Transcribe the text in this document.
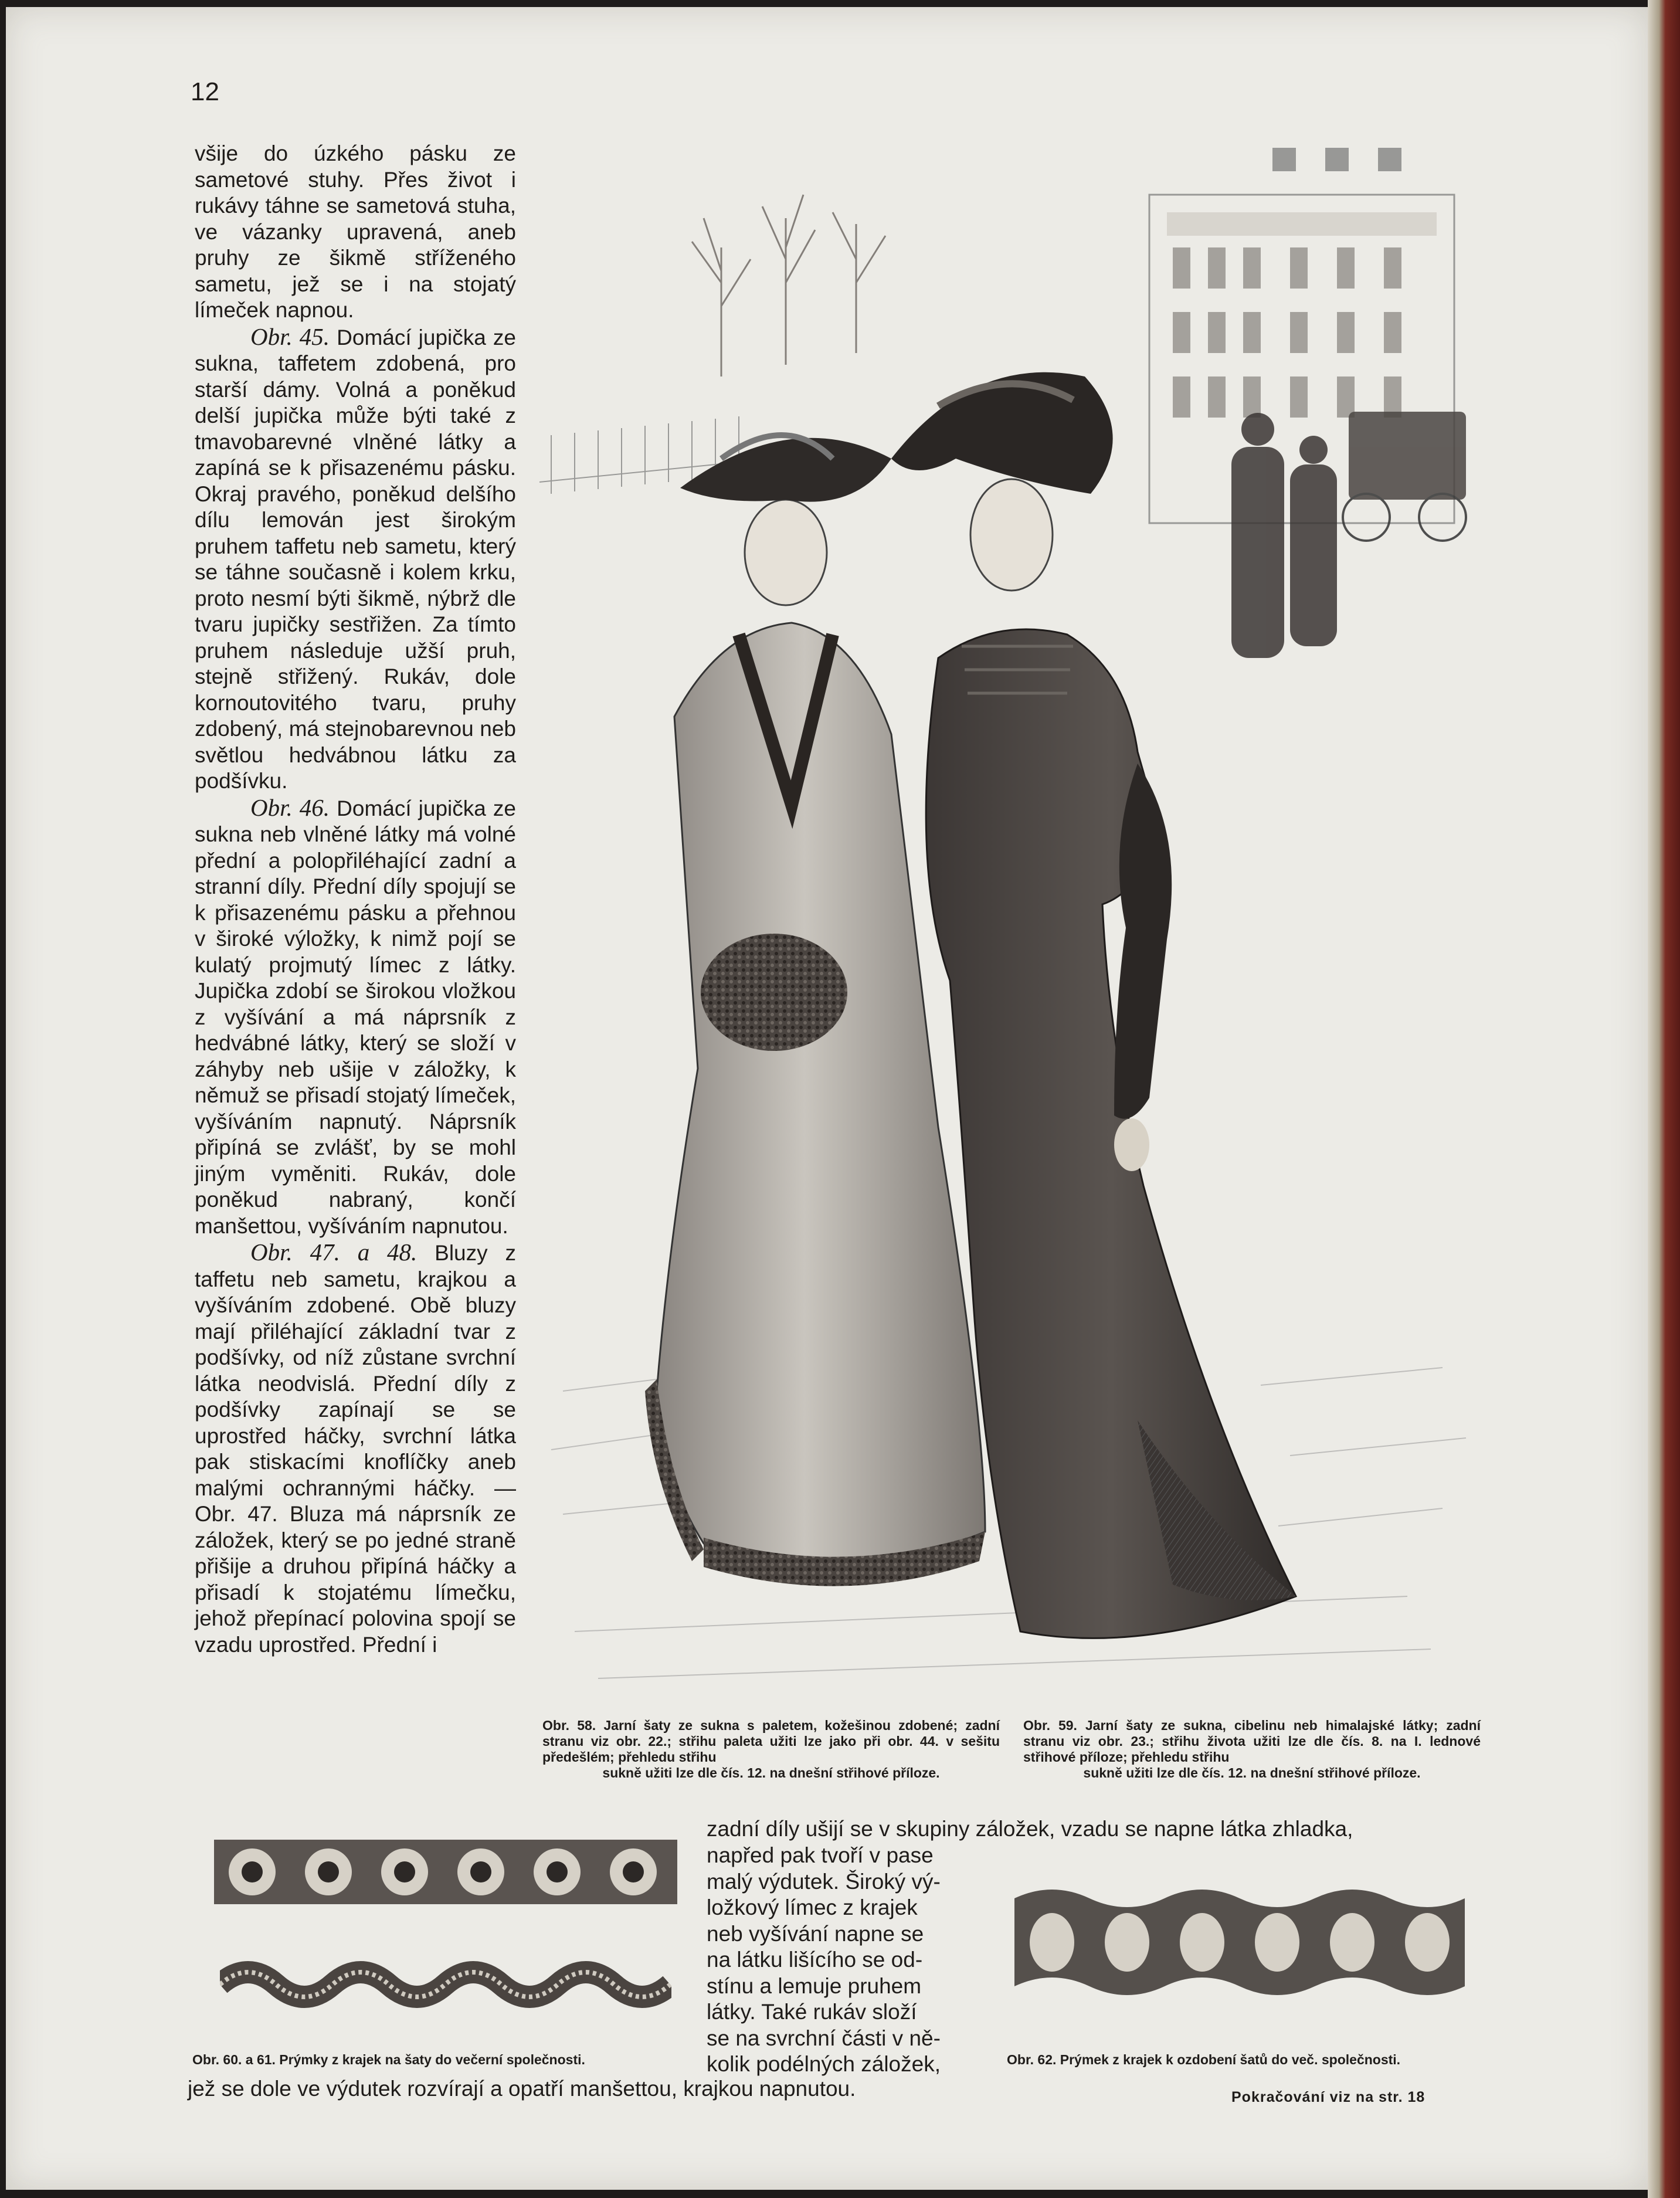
12

všije do úzkého pásku ze sametové stuhy. Přes život i rukávy táhne se sametová stuha, ve vázanky upravená, aneb pruhy ze šikmě stříženého sametu, jež se i na stojatý límeček napnou.

Obr. 45. Domácí jupička ze sukna, taffetem zdobená, pro starší dámy. Volná a poněkud delší jupička může býti také z tmavobarevné vlněné látky a zapíná se k přisazenému pásku. Okraj pravého, poněkud delšího dílu lemován jest širokým pruhem taffetu neb sametu, který se táhne současně i kolem krku, proto nesmí býti šikmě, nýbrž dle tvaru jupičky sestřižen. Za tímto pruhem následuje užší pruh, stejně střižený. Rukáv, dole kornoutovitého tvaru, pruhy zdobený, má stejnobarevnou neb světlou hedvábnou látku za podšívku.

Obr. 46. Domácí jupička ze sukna neb vlněné látky má volné přední a polopřiléhající zadní a stranní díly. Přední díly spojují se k přisazenému pásku a přehnou v široké výložky, k nimž pojí se kulatý projmutý límec z látky. Jupička zdobí se širokou vložkou z vyšívání a má náprsník z hedvábné látky, který se složí v záhyby neb ušije v záložky, k němuž se přisadí stojatý límeček, vyšíváním napnutý. Náprsník připíná se zvlášť, by se mohl jiným vyměniti. Rukáv, dole poněkud nabraný, končí manšettou, vyšíváním napnutou.

Obr. 47. a 48. Bluzy z taffetu neb sametu, krajkou a vyšíváním zdobené. Obě bluzy mají přiléhající základní tvar z podšívky, od níž zůstane svrchní látka neodvislá. Přední díly z podšívky zapínají se se uprostřed háčky, svrchní látka pak stiskacími knoflíčky aneb malými ochrannými háčky. — Obr. 47. Bluza má náprsník ze záložek, který se po jedné straně přišije a druhou připíná háčky a přisadí k stojatému límečku, jehož přepínací polovina spojí se vzadu uprostřed. Přední i

Obr. 58. Jarní šaty ze sukna s paletem, kožešinou zdobené; zadní stranu viz obr. 22.; střihu paleta užiti lze jako při obr. 44. v sešitu předešlém; přehledu střihu
sukně užiti lze dle čís. 12. na dnešní střihové příloze.
Obr. 59. Jarní šaty ze sukna, cibelinu neb himalajské látky; zadní stranu viz obr. 23.; střihu života užiti lze dle čís. 8. na I. lednové střihové příloze; přehledu střihu
sukně užiti lze dle čís. 12. na dnešní střihové příloze.
zadní díly ušijí se v skupiny záložek, vzadu se napne látka zhladka,
napřed pak tvoří v pase
malý výdutek. Široký vý-
ložkový límec z krajek
neb vyšívání napne se
na látku lišícího se od-
stínu a lemuje pruhem
látky. Také rukáv složí
se na svrchní části v ně-
kolik podélných záložek,
jež se dole ve výdutek rozvírají a opatří manšettou, krajkou napnutou.
Obr. 60. a 61. Prýmky z krajek na šaty do večerní společnosti.	Obr. 62. Prýmek z krajek k ozdobení šatů do več. společnosti.
Pokračování viz na str. 18
